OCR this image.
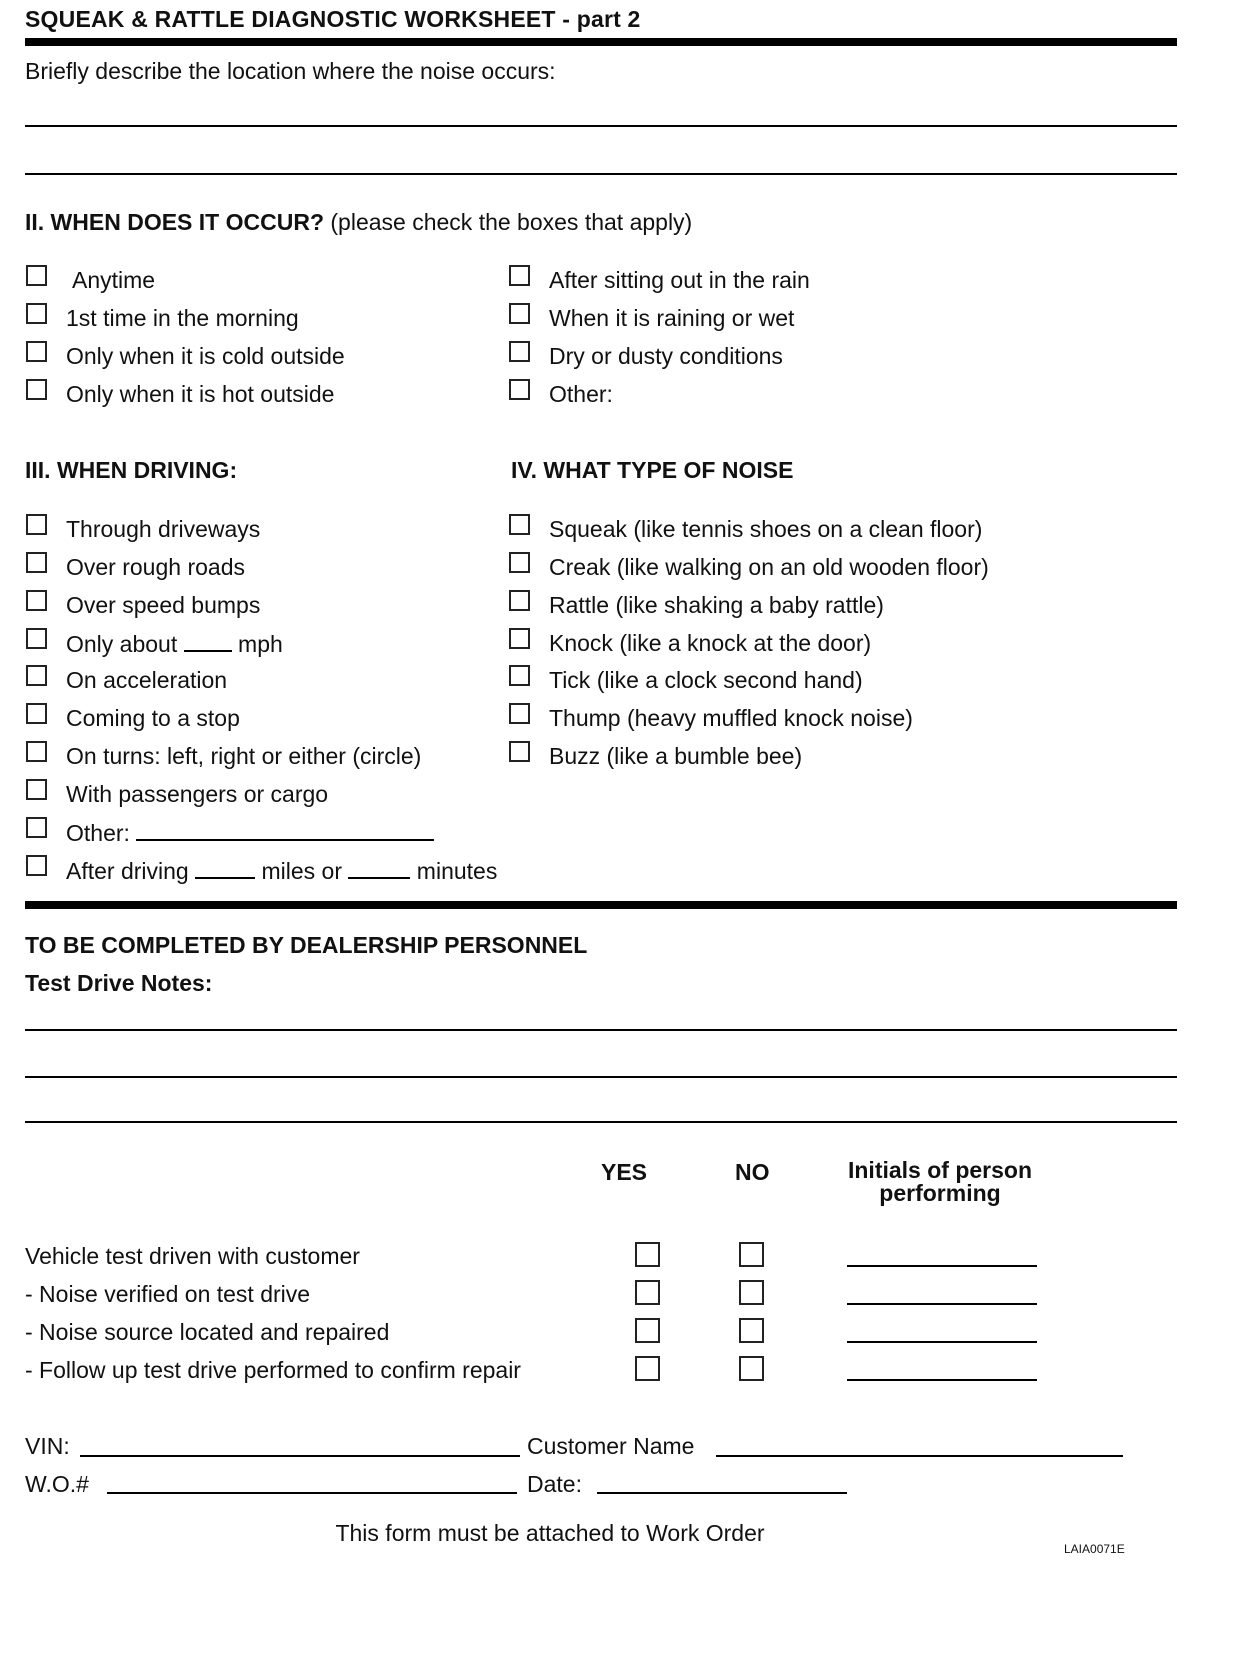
SQUEAK & RATTLE DIAGNOSTIC WORKSHEET - part 2
Briefly describe the location where the noise occurs:
II. WHEN DOES IT OCCUR? (please check the boxes that apply)
Anytime
1st time in the morning
Only when it is cold outside
Only when it is hot outside
After sitting out in the rain
When it is raining or wet
Dry or dusty conditions
Other:
III. WHEN DRIVING:
Through driveways
Over rough roads
Over speed bumps
Only about	mph
On acceleration
Coming to a stop
On turns: left, right or either (circle)
With passengers or cargo
Other:
After driving	miles or	minutes
IV. WHAT TYPE OF NOISE
Squeak (like tennis shoes on a clean floor)
Creak (like walking on an old wooden floor)
Rattle (like shaking a baby rattle)
Knock (like a knock at the door)
Tick (like a clock second hand)
Thump (heavy muffled knock noise)
Buzz (like a bumble bee)
TO BE COMPLETED BY DEALERSHIP PERSONNEL
Test Drive Notes:
YES	NO	Initials of person
performing
Vehicle test driven with customer
- Noise verified on test drive
- Noise source located and repaired
- Follow up test drive performed to confirm repair
VIN:	Customer Name
W.O.#	Date:
This form must be attached to Work Order
LAIA0071E
